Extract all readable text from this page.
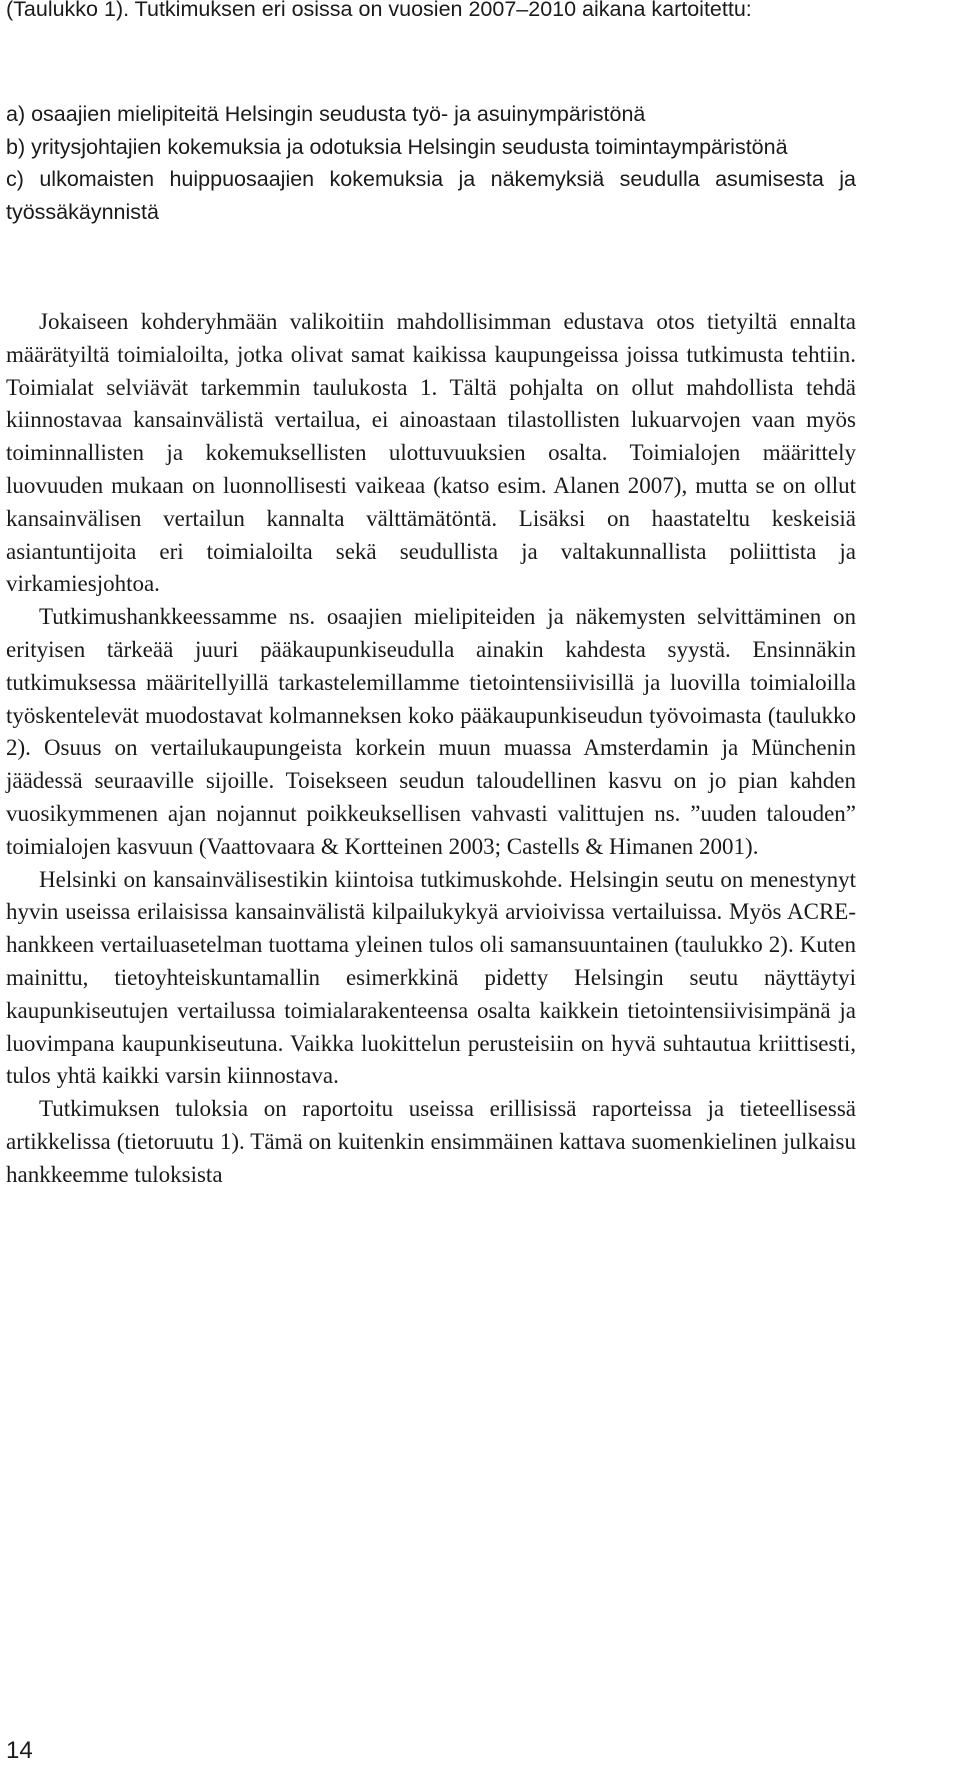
(Taulukko 1). Tutkimuksen eri osissa on vuosien 2007–2010 aikana kartoitettu:

a) osaajien mielipiteitä Helsingin seudusta työ- ja asuinympäristönä

b) yritysjohtajien kokemuksia ja odotuksia Helsingin seudusta toimintaympäristönä

c) ulkomaisten huippuosaajien kokemuksia ja näkemyksiä seudulla asumisesta ja työssäkäynnistä

Jokaiseen kohderyhmään valikoitiin mahdollisimman edustava otos tietyiltä ennalta määrätyiltä toimialoilta, jotka olivat samat kaikissa kaupungeissa joissa tutkimusta tehtiin. Toimialat selviävät tarkemmin taulukosta 1. Tältä pohjalta on ollut mahdollista tehdä kiinnostavaa kansainvälistä vertailua, ei ainoastaan tilastollisten lukuarvojen vaan myös toiminnallisten ja kokemuksellisten ulottuvuuksien osalta. Toimialojen määrittely luovuuden mukaan on luonnollisesti vaikeaa (katso esim. Alanen 2007), mutta se on ollut kansainvälisen vertailun kannalta välttämätöntä. Lisäksi on haastateltu keskeisiä asiantuntijoita eri toimialoilta sekä seudullista ja valtakunnallista poliittista ja virkamiesjohtoa.

Tutkimushankkeessamme ns. osaajien mielipiteiden ja näkemysten selvittäminen on erityisen tärkeää juuri pääkaupunkiseudulla ainakin kahdesta syystä. Ensinnäkin tutkimuksessa määritellyillä tarkastelemillamme tietointensiivisillä ja luovilla toimialoilla työskentelevät muodostavat kolmanneksen koko pääkaupunkiseudun työvoimasta (taulukko 2). Osuus on vertailukaupungeista korkein muun muassa Amsterdamin ja Münchenin jäädessä seuraaville sijoille. Toisekseen seudun taloudellinen kasvu on jo pian kahden vuosikymmenen ajan nojannut poikkeuksellisen vahvasti valittujen ns. ”uuden talouden” toimialojen kasvuun (Vaattovaara & Kortteinen 2003; Castells & Himanen 2001).

Helsinki on kansainvälisestikin kiintoisa tutkimuskohde. Helsingin seutu on menestynyt hyvin useissa erilaisissa kansainvälistä kilpailukykyä arvioivissa vertailuissa. Myös ACRE-hankkeen vertailuasetelman tuottama yleinen tulos oli samansuuntainen (taulukko 2). Kuten mainittu, tietoyhteiskuntamallin esimerkkinä pidetty Helsingin seutu näyttäytyi kaupunkiseutujen vertailussa toimialarakenteensa osalta kaikkein tietointensiivisimpänä ja luovimpana kaupunkiseutuna. Vaikka luokittelun perusteisiin on hyvä suhtautua kriittisesti, tulos yhtä kaikki varsin kiinnostava.

Tutkimuksen tuloksia on raportoitu useissa erillisissä raporteissa ja tieteellisessä artikkelissa (tietoruutu 1). Tämä on kuitenkin ensimmäinen kattava suomenkielinen julkaisu hankkeemme tuloksista

14
